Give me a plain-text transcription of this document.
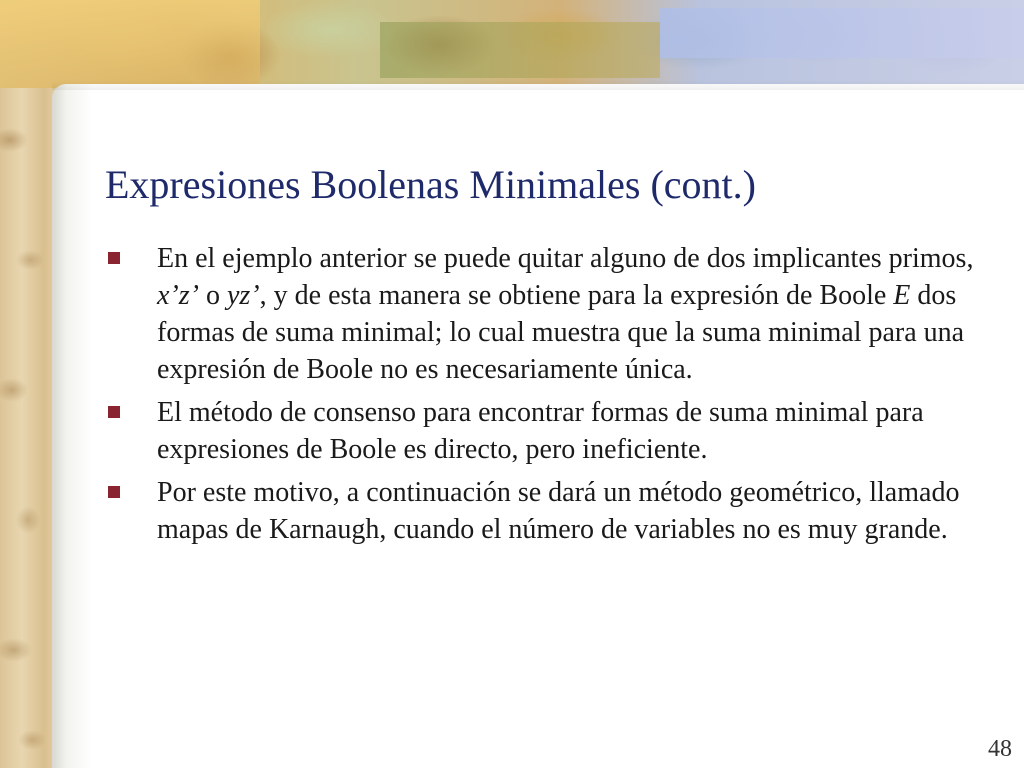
Expresiones Boolenas Minimales (cont.)
En el ejemplo anterior se puede quitar alguno de dos implicantes primos, x’z’ o yz’, y de esta manera se obtiene para la expresión de Boole E dos formas de suma minimal; lo cual muestra que la suma minimal para una expresión de Boole no es necesariamente única.
El método de consenso para encontrar formas de suma minimal para expresiones de Boole es directo, pero ineficiente.
Por este motivo, a continuación se dará un método geométrico, llamado mapas de Karnaugh, cuando el número de variables no es muy grande.
48
